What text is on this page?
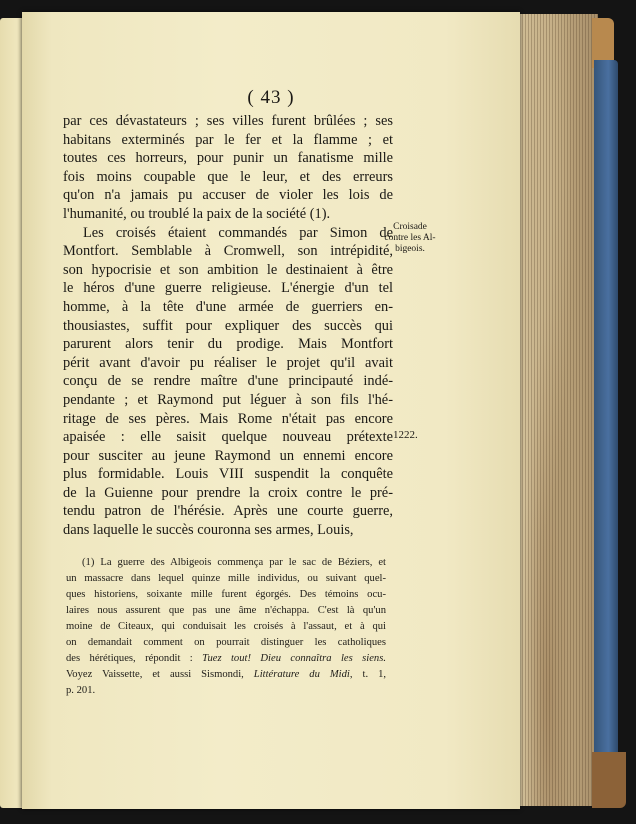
( 43 )
par ces dévastateurs ; ses villes furent brûlées ; ses
habitans exterminés par le fer et la flamme ; et
toutes ces horreurs, pour punir un fanatisme mille
fois moins coupable que le leur, et des erreurs
qu'on n'a jamais pu accuser de violer les lois de
l'humanité, ou troublé la paix de la société (1).
Les croisés étaient commandés par Simon de
Montfort. Semblable à Cromwell, son intrépidité,
son hypocrisie et son ambition le destinaient à être
le héros d'une guerre religieuse. L'énergie d'un tel
homme, à la tête d'une armée de guerriers en-
thousiastes, suffit pour expliquer des succès qui
parurent alors tenir du prodige. Mais Montfort
périt avant d'avoir pu réaliser le projet qu'il avait
conçu de se rendre maître d'une principauté indé-
pendante ; et Raymond put léguer à son fils l'hé-
ritage de ses pères. Mais Rome n'était pas encore
apaisée : elle saisit quelque nouveau prétexte
pour susciter au jeune Raymond un ennemi encore
plus formidable. Louis VIII suspendit la conquête
de la Guienne pour prendre la croix contre le pré-
tendu patron de l'hérésie. Après une courte guerre,
dans laquelle le succès couronna ses armes, Louis,
Croisade
contre les Al-
bigeois.
1222.
(1) La guerre des Albigeois commença par le sac de Béziers, et
un massacre dans lequel quinze mille individus, ou suivant quel-
ques historiens, soixante mille furent égorgés. Des témoins ocu-
laires nous assurent que pas une âme n'échappa. C'est là qu'un
moine de Citeaux, qui conduisait les croisés à l'assaut, et à qui
on demandait comment on pourrait distinguer les catholiques
des hérétiques, répondit : Tuez tout! Dieu connaîtra les siens.
Voyez Vaissette, et aussi Sismondi, Littérature du Midi, t. 1,
p. 201.
